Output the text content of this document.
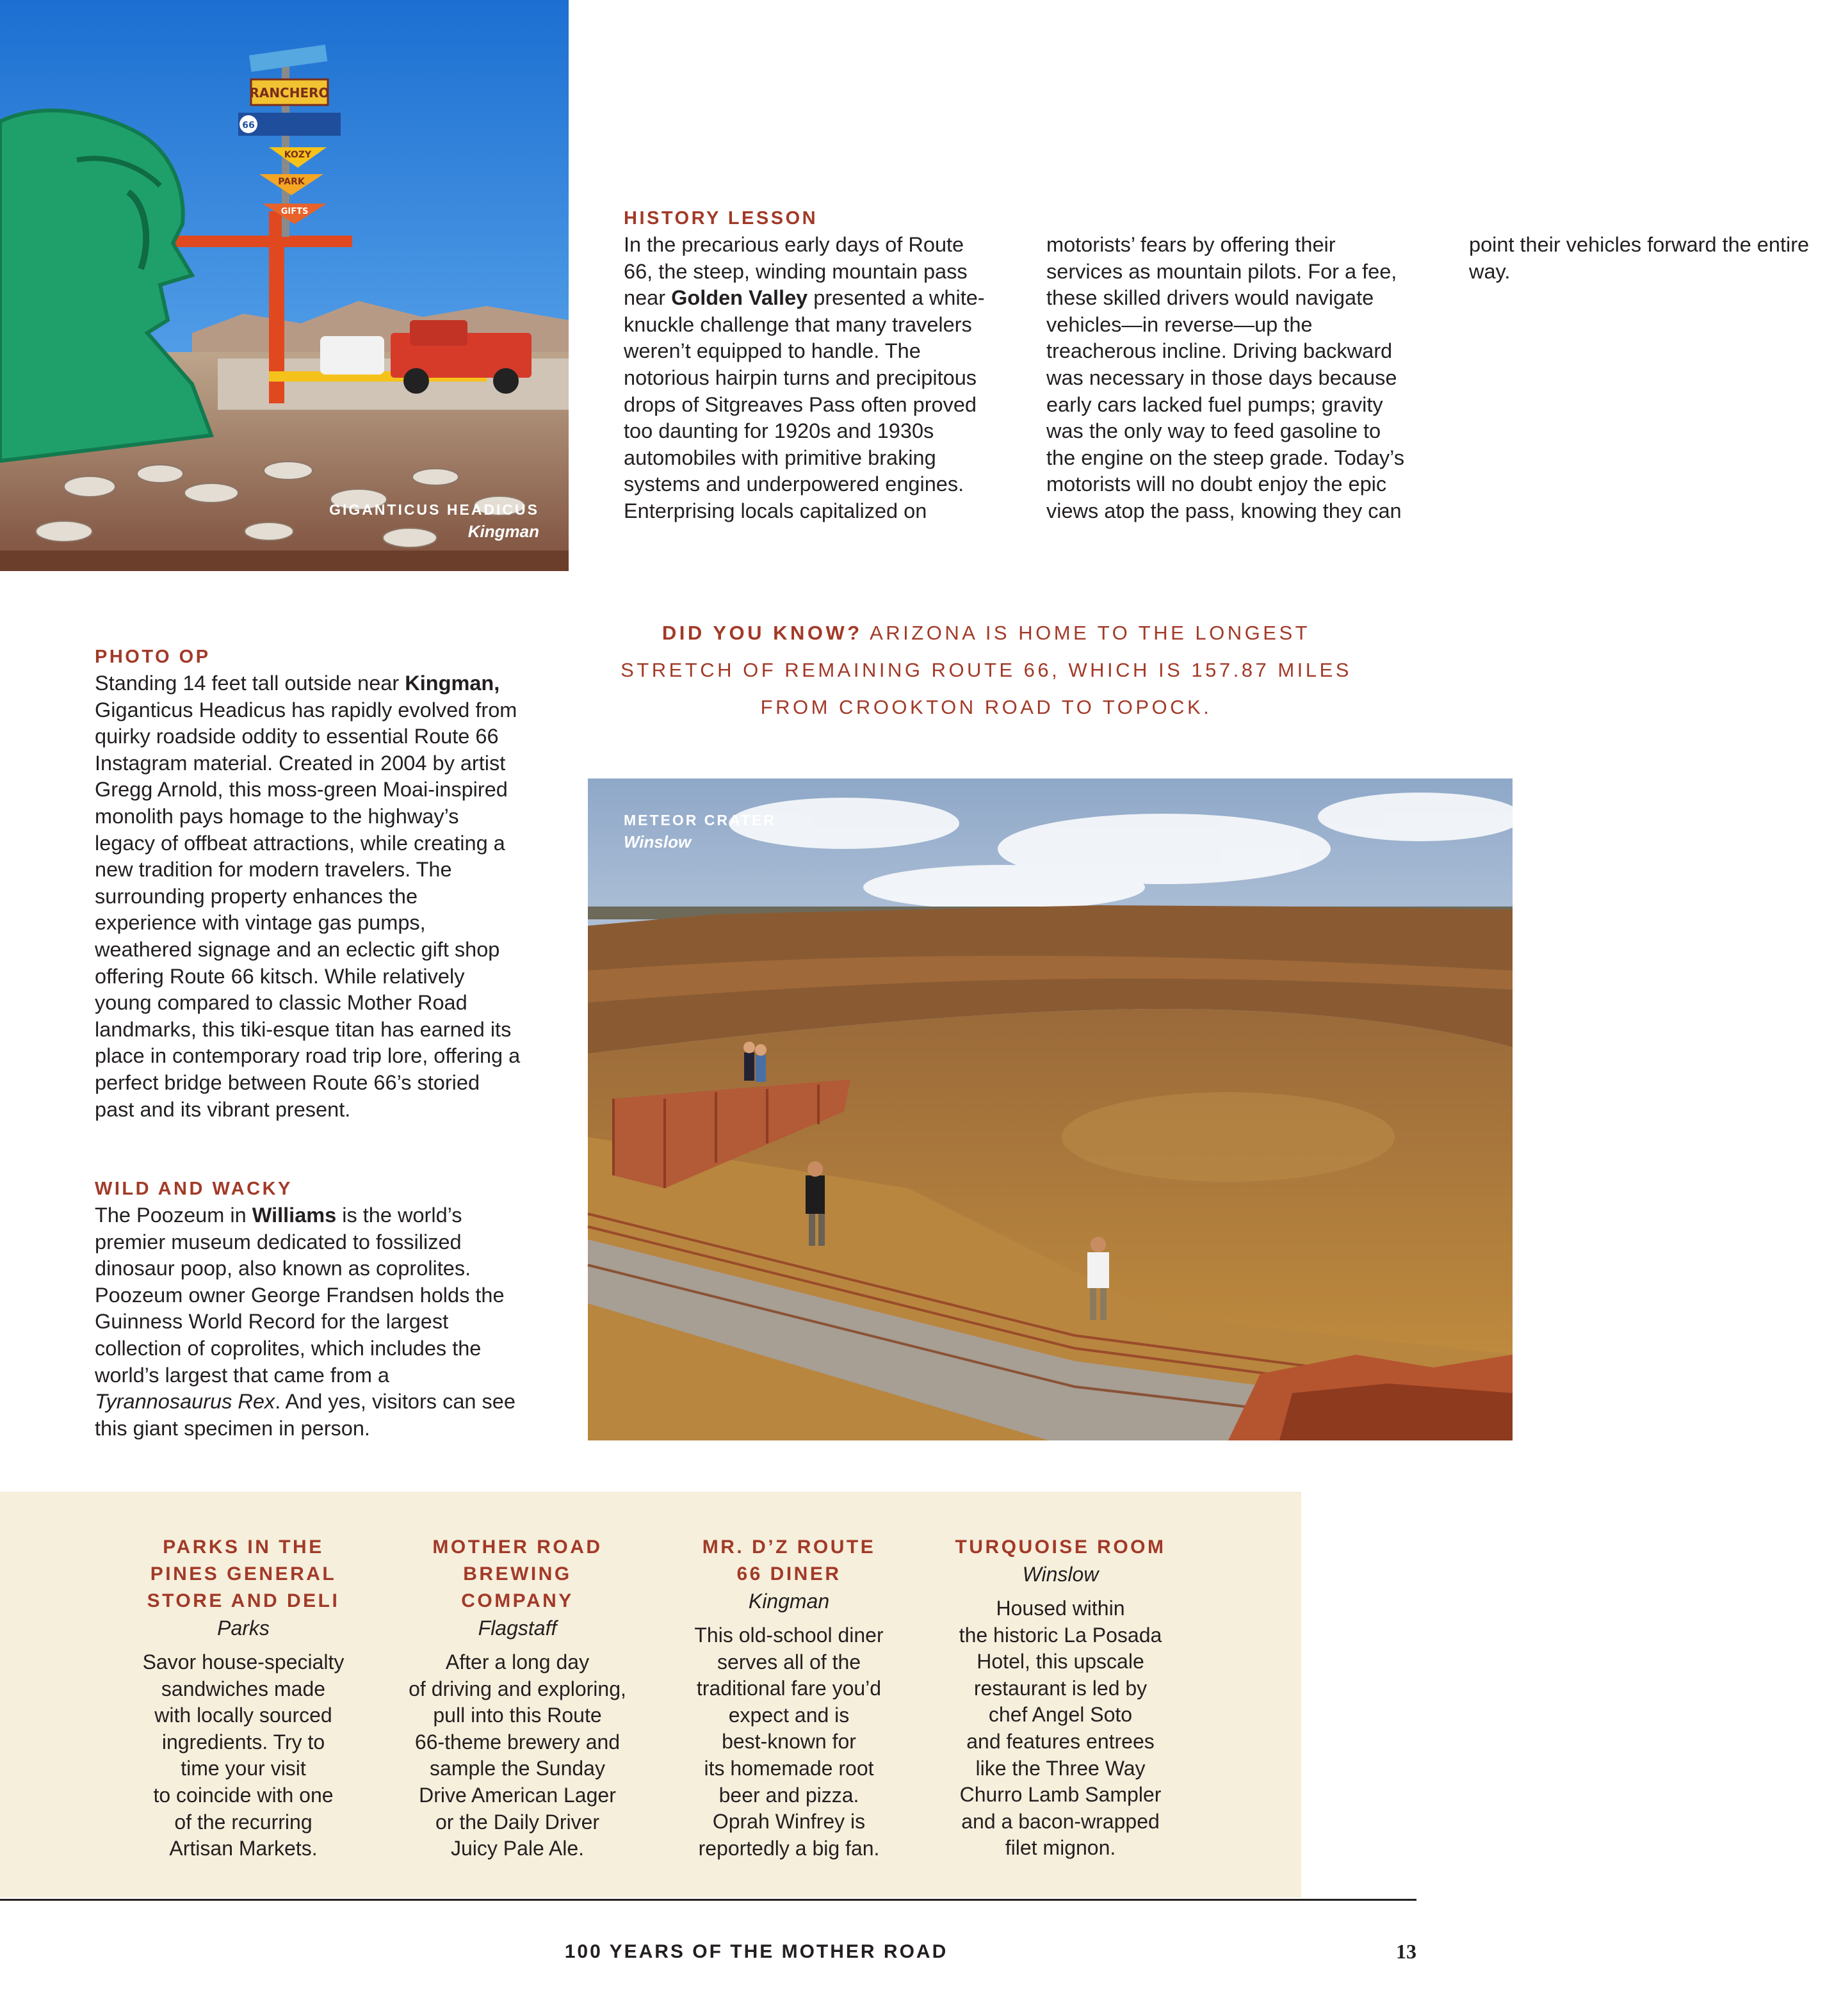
RANCHERO
66
KOZY
PARK
GIFTS
GIGANTICUS HEADICUS
Kingman
HISTORY LESSON
In the precarious early days of Route 66, the steep, winding mountain pass near Golden Valley presented a white-knuckle challenge that many travelers weren’t equipped to handle. The notorious hairpin turns and precipitous drops of Sitgreaves Pass often proved too daunting for 1920s and 1930s automobiles with primitive braking systems and underpowered engines. Enterprising locals capitalized on motorists’ fears by offering their services as mountain pilots. For a fee, these skilled drivers would navigate vehicles—in reverse—up the treacherous incline. Driving backward was necessary in those days because early cars lacked fuel pumps; gravity was the only way to feed gasoline to the engine on the steep grade. Today’s motorists will no doubt enjoy the epic views atop the pass, knowing they can point their vehicles forward the entire way.
DID YOU KNOW? ARIZONA IS HOME TO THE LONGEST STRETCH OF REMAINING ROUTE 66, WHICH IS 157.87 MILES FROM CROOKTON ROAD TO TOPOCK.
PHOTO OP
Standing 14 feet tall outside near Kingman, Giganticus Headicus has rapidly evolved from quirky roadside oddity to essential Route 66 Instagram material. Created in 2004 by artist Gregg Arnold, this moss-green Moai-inspired monolith pays homage to the highway’s legacy of offbeat attractions, while creating a new tradition for modern travelers. The surrounding property enhances the experience with vintage gas pumps, weathered signage and an eclectic gift shop offering Route 66 kitsch. While relatively young compared to classic Mother Road landmarks, this tiki-esque titan has earned its place in contemporary road trip lore, offering a perfect bridge between Route 66’s storied past and its vibrant present.
WILD AND WACKY
The Poozeum in Williams is the world’s premier museum dedicated to fossilized dinosaur poop, also known as coprolites. Poozeum owner George Frandsen holds the Guinness World Record for the largest collection of coprolites, which includes the world’s largest that came from a Tyrannosaurus Rex. And yes, visitors can see this giant specimen in person.
METEOR CRATER
Winslow
PARKS IN THE
PINES GENERAL
STORE AND DELI
Parks
Savor house-specialty
sandwiches made
with locally sourced
ingredients. Try to
time your visit
to coincide with one
of the recurring
Artisan Markets.
MOTHER ROAD
BREWING
COMPANY
Flagstaff
After a long day
of driving and exploring,
pull into this Route
66-theme brewery and
sample the Sunday
Drive American Lager
or the Daily Driver
Juicy Pale Ale.
MR. D’Z ROUTE
66 DINER
Kingman
This old-school diner
serves all of the
traditional fare you’d
expect and is
best-known for
its homemade root
beer and pizza.
Oprah Winfrey is
reportedly a big fan.
TURQUOISE ROOM
Winslow
Housed within
the historic La Posada
Hotel, this upscale
restaurant is led by
chef Angel Soto
and features entrees
like the Three Way
Churro Lamb Sampler
and a bacon-wrapped
filet mignon.
100 YEARS OF THE MOTHER ROAD	13
